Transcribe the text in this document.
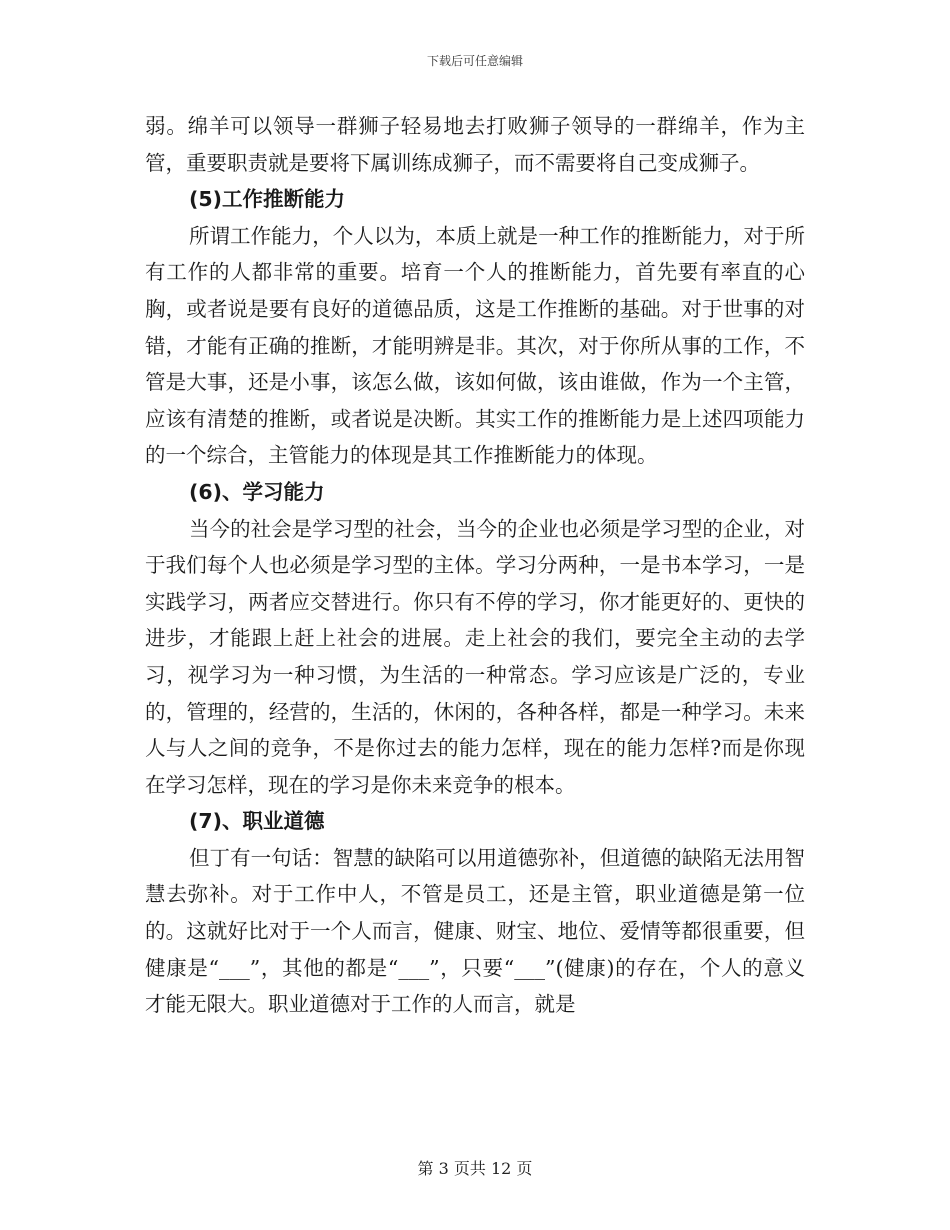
下载后可任意编辑

弱。绵羊可以领导一群狮子轻易地去打败狮子领导的一群绵羊，作为主管，重要职责就是要将下属训练成狮子，而不需要将自己变成狮子。

(5)工作推断能力

所谓工作能力，个人以为，本质上就是一种工作的推断能力，对于所有工作的人都非常的重要。培育一个人的推断能力，首先要有率直的心胸，或者说是要有良好的道德品质，这是工作推断的基础。对于世事的对错，才能有正确的推断，才能明辨是非。其次，对于你所从事的工作，不管是大事，还是小事，该怎么做，该如何做，该由谁做，作为一个主管，应该有清楚的推断，或者说是决断。其实工作的推断能力是上述四项能力的一个综合，主管能力的体现是其工作推断能力的体现。

(6)、学习能力

当今的社会是学习型的社会，当今的企业也必须是学习型的企业，对于我们每个人也必须是学习型的主体。学习分两种，一是书本学习，一是实践学习，两者应交替进行。你只有不停的学习，你才能更好的、更快的进步，才能跟上赶上社会的进展。走上社会的我们，要完全主动的去学习，视学习为一种习惯，为生活的一种常态。学习应该是广泛的，专业的，管理的，经营的，生活的，休闲的，各种各样，都是一种学习。未来人与人之间的竞争，不是你过去的能力怎样，现在的能力怎样?而是你现在学习怎样，现在的学习是你未来竞争的根本。

(7)、职业道德

但丁有一句话：智慧的缺陷可以用道德弥补，但道德的缺陷无法用智慧去弥补。对于工作中人，不管是员工，还是主管，职业道德是第一位的。这就好比对于一个人而言，健康、财宝、地位、爱情等都很重要，但健康是“___”，其他的都是“___”，只要“___”(健康)的存在，个人的意义才能无限大。职业道德对于工作的人而言，就是

第 3 页共 12 页
